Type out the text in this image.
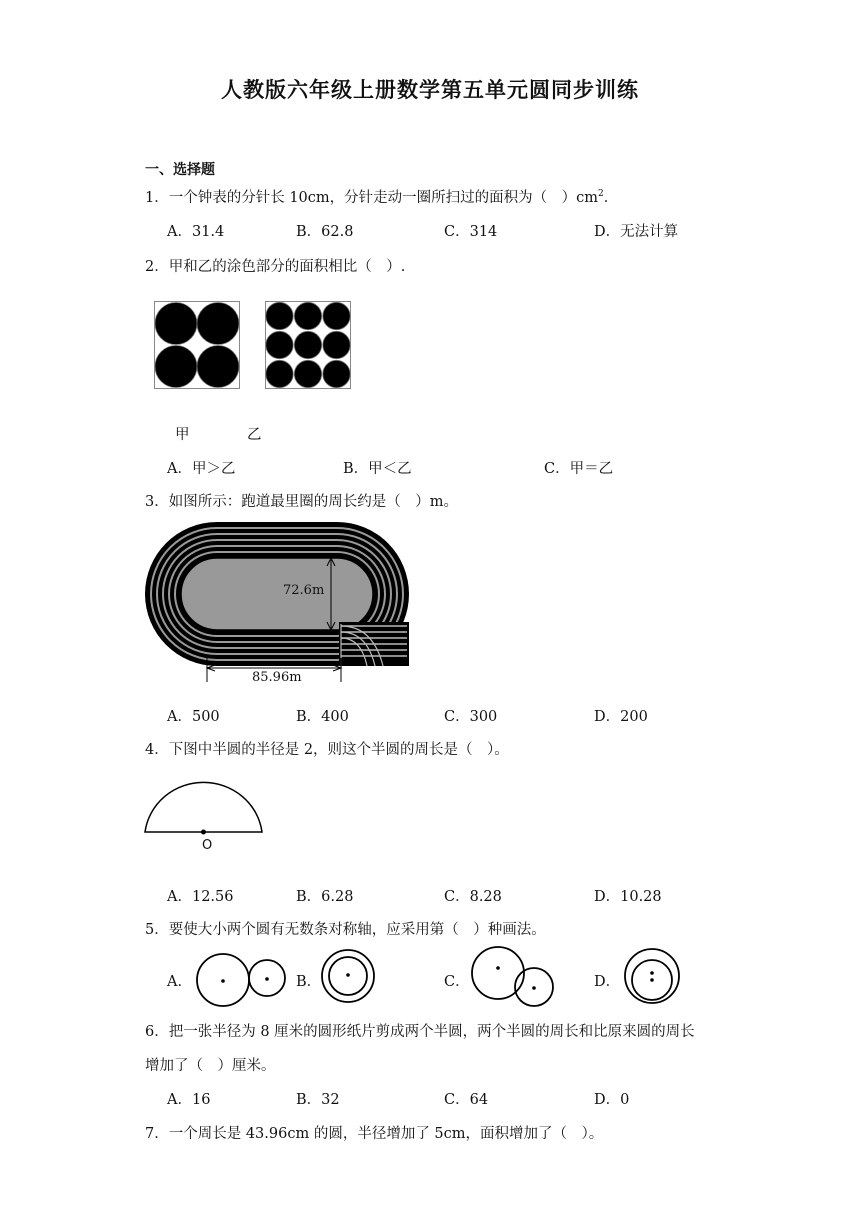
人教版六年级上册数学第五单元圆同步训练
一、选择题
1．一个钟表的分针长 10cm，分针走动一圈所扫过的面积为（　）$cm^2$．
A．31.4	B．62.8	C．314	D．无法计算
2．甲和乙的涂色部分的面积相比（　）.
甲	乙
A．甲＞乙	B．甲＜乙	C．甲＝乙
3．如图所示：跑道最里圈的周长约是（　）m。
72.6m
85.96m
A．500	B．400	C．300	D．200
4．下图中半圆的半径是 2，则这个半圆的周长是（　）。
O
A．12.56	B．6.28	C．8.28	D．10.28
5．要使大小两个圆有无数条对称轴，应采用第（　）种画法。
A．	B．	C．	D．
6．把一张半径为 8 厘米的圆形纸片剪成两个半圆，两个半圆的周长和比原来圆的周长
增加了（　）厘米。
A．16	B．32	C．64	D．0
7．一个周长是 43.96cm 的圆，半径增加了 5cm，面积增加了（　）。
